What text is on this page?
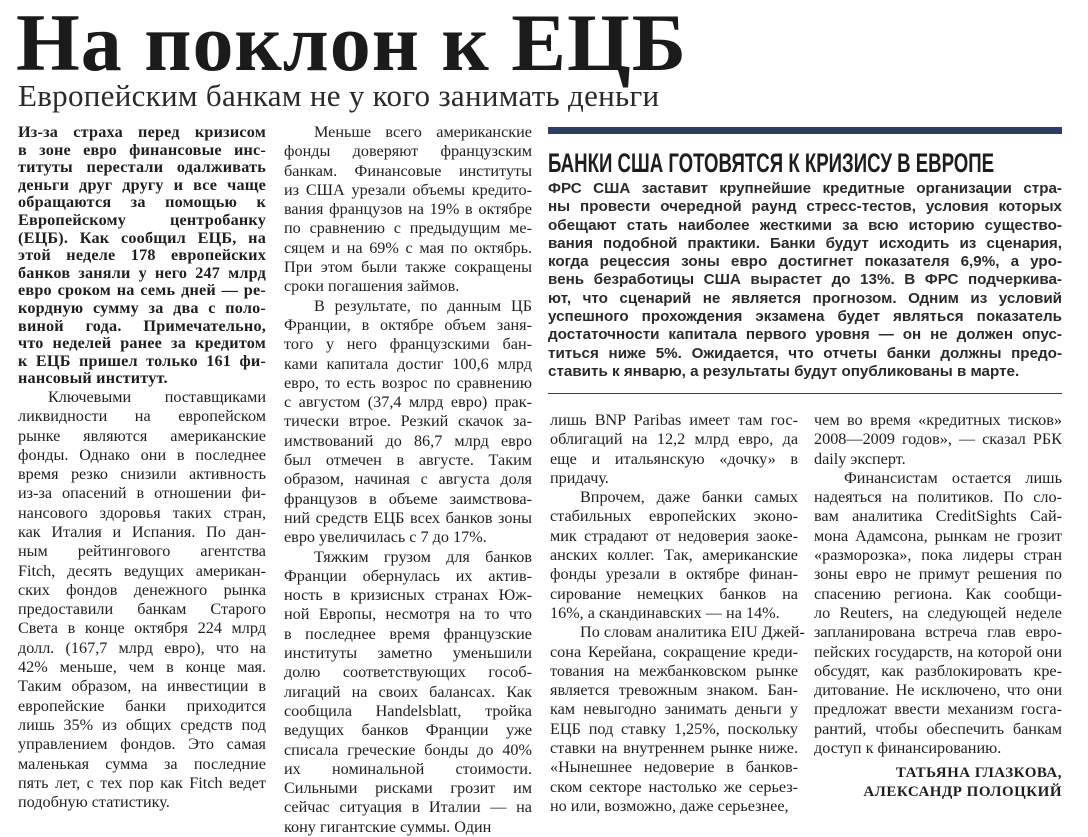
На поклон к ЕЦБ
Европейским банкам не у кого занимать деньги
Из-за страха перед кризисом
в зоне евро финансовые инс-
титуты перестали одалживать
деньги друг другу и все чаще
обращаются за помощью к
Европейскому центробанку
(ЕЦБ). Как сообщил ЕЦБ, на
этой неделе 178 европейских
банков заняли у него 247 млрд
евро сроком на семь дней — ре-
кордную сумму за два с поло-
виной года. Примечательно,
что неделей ранее за кредитом
к ЕЦБ пришел только 161 фи-
нансовый институт.
Ключевыми поставщиками
ликвидности на европейском
рынке являются американские
фонды. Однако они в последнее
время резко снизили активность
из-за опасений в отношении фи-
нансового здоровья таких стран,
как Италия и Испания. По дан-
ным рейтингового агентства
Fitch, десять ведущих американ-
ских фондов денежного рынка
предоставили банкам Старого
Света в конце октября 224 млрд
долл. (167,7 млрд евро), что на
42% меньше, чем в конце мая.
Таким образом, на инвестиции в
европейские банки приходится
лишь 35% из общих средств под
управлением фондов. Это самая
маленькая сумма за последние
пять лет, с тех пор как Fitch ведет
подобную статистику.
Меньше всего американские
фонды доверяют французским
банкам. Финансовые институты
из США урезали объемы кредито-
вания французов на 19% в октябре
по сравнению с предыдущим ме-
сяцем и на 69% с мая по октябрь.
При этом были также сокращены
сроки погашения займов.
В результате, по данным ЦБ
Франции, в октябре объем заня-
того у него французскими бан-
ками капитала достиг 100,6 млрд
евро, то есть возрос по сравнению
с августом (37,4 млрд евро) прак-
тически втрое. Резкий скачок за-
имствований до 86,7 млрд евро
был отмечен в августе. Таким
образом, начиная с августа доля
французов в объеме заимствова-
ний средств ЕЦБ всех банков зоны
евро увеличилась с 7 до 17%.
Тяжким грузом для банков
Франции обернулась их актив-
ность в кризисных странах Юж-
ной Европы, несмотря на то что
в последнее время французские
институты заметно уменьшили
долю соответствующих гособ-
лигаций на своих балансах. Как
сообщила Handelsblatt, тройка
ведущих банков Франции уже
списала греческие бонды до 40%
их номинальной стоимости.
Сильными рисками грозит им
сейчас ситуация в Италии — на
кону гигантские суммы. Один
БАНКИ США ГОТОВЯТСЯ К КРИЗИСУ В ЕВРОПЕ
ФРС США заставит крупнейшие кредитные организации стра-
ны провести очередной раунд стресс-тестов, условия которых
обещают стать наиболее жесткими за всю историю существо-
вания подобной практики. Банки будут исходить из сценария,
когда рецессия зоны евро достигнет показателя 6,9%, а уро-
вень безработицы США вырастет до 13%. В ФРС подчеркива-
ют, что сценарий не является прогнозом. Одним из условий
успешного прохождения экзамена будет являться показатель
достаточности капитала первого уровня — он не должен опус-
титься ниже 5%. Ожидается, что отчеты банки должны предо-
ставить к январю, а результаты будут опубликованы в марте.
лишь BNP Paribas имеет там гос-
облигаций на 12,2 млрд евро, да
еще и итальянскую «дочку» в
придачу.
Впрочем, даже банки самых
стабильных европейских эконо-
мик страдают от недоверия заоке-
анских коллег. Так, американские
фонды урезали в октябре финан-
сирование немецких банков на
16%, а скандинавских — на 14%.
По словам аналитика EIU Джей-
сона Керейана, сокращение креди-
тования на межбанковском рынке
является тревожным знаком. Бан-
кам невыгодно занимать деньги у
ЕЦБ под ставку 1,25%, поскольку
ставки на внутреннем рынке ниже.
«Нынешнее недоверие в банков-
ском секторе настолько же серьез-
но или, возможно, даже серьезнее,
чем во время «кредитных тисков»
2008—2009 годов», — сказал РБК
daily эксперт.
Финансистам остается лишь
надеяться на политиков. По сло-
вам аналитика CreditSights Сай-
мона Адамсона, рынкам не грозит
«разморозка», пока лидеры стран
зоны евро не примут решения по
спасению региона. Как сообщи-
ло Reuters, на следующей неделе
запланирована встреча глав евро-
пейских государств, на которой они
обсудят, как разблокировать кре-
дитование. Не исключено, что они
предложат ввести механизм госга-
рантий, чтобы обеспечить банкам
доступ к финансированию.
ТАТЬЯНА ГЛАЗКОВА,
АЛЕКСАНДР ПОЛОЦКИЙ
